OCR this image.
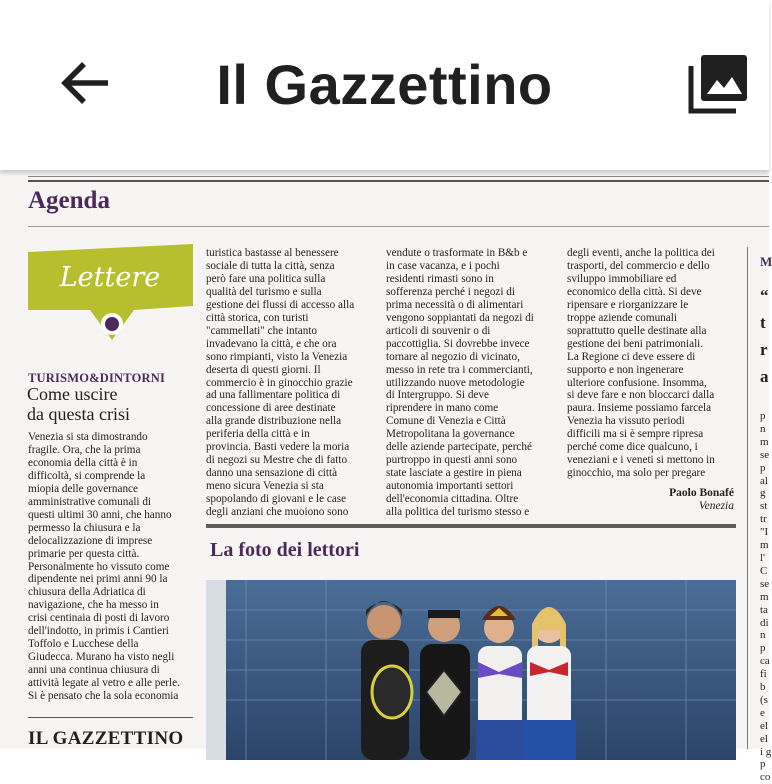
Il Gazzettino
Agenda
Lettere
TURISMO&DINTORNI
Come uscire
da questa crisi
Venezia si sta dimostrando
fragile. Ora, che la prima
economia della città è in
difficoltà, si comprende la
miopia delle governance
amministrative comunali di
questi ultimi 30 anni, che hanno
permesso la chiusura e la
delocalizzazione di imprese
primarie per questa città.
Personalmente ho vissuto come
dipendente nei primi anni 90 la
chiusura della Adriatica di
navigazione, che ha messo in
crisi centinaia di posti di lavoro
dell'indotto, in primis i Cantieri
Toffolo e Lucchese della
Giudecca. Murano ha visto negli
anni una continua chiusura di
attività legate al vetro e alle perle.
Si è pensato che la sola economia
turistica bastasse al benessere
sociale di tutta la città, senza
però fare una politica sulla
qualità del turismo e sulla
gestione dei flussi di accesso alla
città storica, con turisti
"cammellati" che intanto
invadevano la città, e che ora
sono rimpianti, visto la Venezia
deserta di questi giorni. Il
commercio è in ginocchio grazie
ad una fallimentare politica di
concessione di aree destinate
alla grande distribuzione nella
periferia della città e in
provincia. Basti vedere la moria
di negozi su Mestre che di fatto
danno una sensazione di città
meno sicura Venezia si sta
spopolando di giovani e le case
degli anziani che muoiono sono
vendute o trasformate in B&b e
in case vacanza, e i pochi
residenti rimasti sono in
sofferenza perché i negozi di
prima necessità o di alimentari
vengono soppiantati da negozi di
articoli di souvenir o di
paccottiglia. Si dovrebbe invece
tornare al negozio di vicinato,
messo in rete tra i commercianti,
utilizzando nuove metodologie
di Intergruppo. Si deve
riprendere in mano come
Comune di Venezia e Città
Metropolitana la governance
delle aziende partecipate, perché
purtroppo in questi anni sono
state lasciate a gestire in piena
autonomia importanti settori
dell'economia cittadina. Oltre
alla politica del turismo stesso e
degli eventi, anche la politica dei
trasporti, del commercio e dello
sviluppo immobiliare ed
economico della città. Si deve
ripensare e riorganizzare le
troppe aziende comunali
soprattutto quelle destinate alla
gestione dei beni patrimoniali.
La Regione ci deve essere di
supporto e non ingenerare
ulteriore confusione. Insomma,
si deve fare e non bloccarci dalla
paura. Insieme possiamo farcela
Venezia ha vissuto periodi
difficili ma si è sempre ripresa
perché come dice qualcuno, i
veneziani e i veneti si mettono in
ginocchio, ma solo per pregare
Paolo Bonafé
Venezia
IL GAZZETTINO
La foto dei lettori
M
“
t
r
a
p
n
m
se
p
al
g
st
tr
"I
m
l'
C
se
m
ta
di
n
p
ca
fi
b
(s
e
el
el
i g
p
co
